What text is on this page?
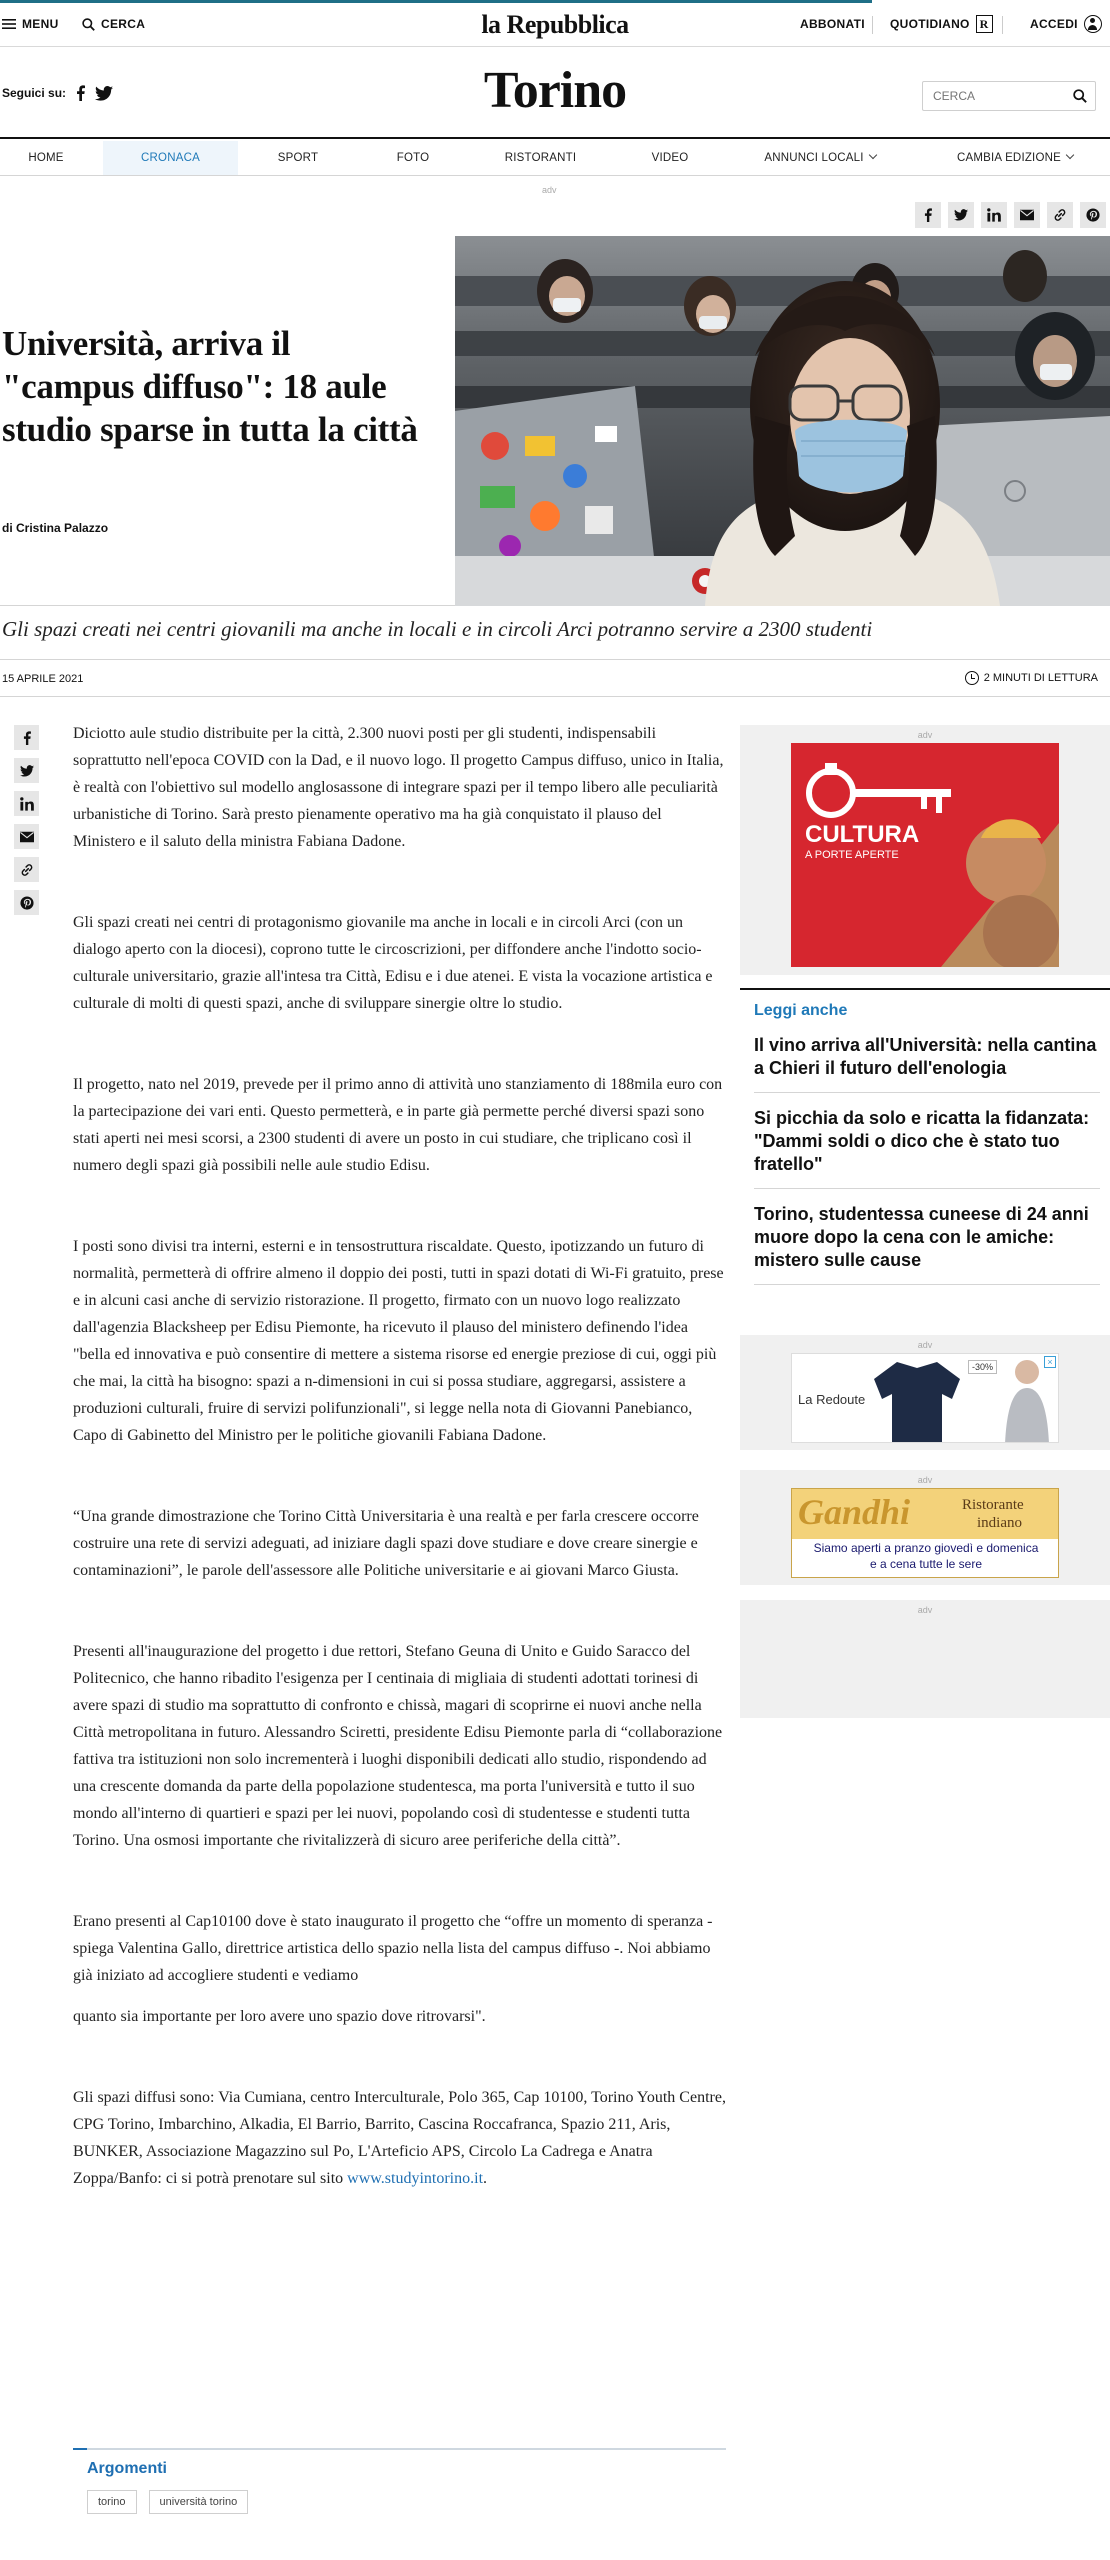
MENU	CERCA	la Repubblica	ABBONATI QUOTIDIANO R	ACCEDI
Seguici su:	Torino
CERCA
HOME	CRONACA	SPORT	FOTO	RISTORANTI	VIDEO	ANNUNCI LOCALI	CAMBIA EDIZIONE
adv
Università, arriva il "campus diffuso": 18 aule studio sparse in tutta la città
di Cristina Palazzo
Gli spazi creati nei centri giovanili ma anche in locali e in circoli Arci potranno servire a 2300 studenti
15 APRILE 2021	2 MINUTI DI LETTURA

Diciotto aule studio distribuite per la città, 2.300 nuovi posti per gli studenti, indispensabili soprattutto nell'epoca COVID con la Dad, e il nuovo logo. Il progetto Campus diffuso, unico in Italia, è realtà con l'obiettivo sul modello anglosassone di integrare spazi per il tempo libero alle peculiarità urbanistiche di Torino. Sarà presto pienamente operativo ma ha già conquistato il plauso del Ministero e il saluto della ministra Fabiana Dadone.

Gli spazi creati nei centri di protagonismo giovanile ma anche in locali e in circoli Arci (con un dialogo aperto con la diocesi), coprono tutte le circoscrizioni, per diffondere anche l'indotto socio-culturale universitario, grazie all'intesa tra Città, Edisu e i due atenei. E vista la vocazione artistica e culturale di molti di questi spazi, anche di sviluppare sinergie oltre lo studio.

Il progetto, nato nel 2019, prevede per il primo anno di attività uno stanziamento di 188mila euro con la partecipazione dei vari enti. Questo permetterà, e in parte già permette perché diversi spazi sono stati aperti nei mesi scorsi, a 2300 studenti di avere un posto in cui studiare, che triplicano così il numero degli spazi già possibili nelle aule studio Edisu.

I posti sono divisi tra interni, esterni e in tensostruttura riscaldate. Questo, ipotizzando un futuro di normalità, permetterà di offrire almeno il doppio dei posti, tutti in spazi dotati di Wi-Fi gratuito, prese e in alcuni casi anche di servizio ristorazione. Il progetto, firmato con un nuovo logo realizzato dall'agenzia Blacksheep per Edisu Piemonte, ha ricevuto il plauso del ministero definendo l'idea "bella ed innovativa e può consentire di mettere a sistema risorse ed energie preziose di cui, oggi più che mai, la città ha bisogno: spazi a n-dimensioni in cui si possa studiare, aggregarsi, assistere a produzioni culturali, fruire di servizi polifunzionali", si legge nella nota di Giovanni Panebianco, Capo di Gabinetto del Ministro per le politiche giovanili Fabiana Dadone.

“Una grande dimostrazione che Torino Città Universitaria è una realtà e per farla crescere occorre costruire una rete di servizi adeguati, ad iniziare dagli spazi dove studiare e dove creare sinergie e contaminazioni”, le parole dell'assessore alle Politiche universitarie e ai giovani Marco Giusta.

Presenti all'inaugurazione del progetto i due rettori, Stefano Geuna di Unito e Guido Saracco del Politecnico, che hanno ribadito l'esigenza per I centinaia di migliaia di studenti adottati torinesi di avere spazi di studio ma soprattutto di confronto e chissà, magari di scoprirne ei nuovi anche nella Città metropolitana in futuro. Alessandro Sciretti, presidente Edisu Piemonte parla di “collaborazione fattiva tra istituzioni non solo incrementerà i luoghi disponibili dedicati allo studio, rispondendo ad una crescente domanda da parte della popolazione studentesca, ma porta l'università e tutto il suo mondo all'interno di quartieri e spazi per lei nuovi, popolando così di studentesse e studenti tutta Torino. Una osmosi importante che rivitalizzerà di sicuro aree periferiche della città”.

Erano presenti al Cap10100 dove è stato inaugurato il progetto che “offre un momento di speranza - spiega Valentina Gallo, direttrice artistica dello spazio nella lista del campus diffuso -. Noi abbiamo già iniziato ad accogliere studenti e vediamo

quanto sia importante per loro avere uno spazio dove ritrovarsi".

Gli spazi diffusi sono: Via Cumiana, centro Interculturale, Polo 365, Cap 10100, Torino Youth Centre, CPG Torino, Imbarchino, Alkadia, El Barrio, Barrito, Cascina Roccafranca, Spazio 211, Aris, BUNKER, Associazione Magazzino sul Po, L'Arteficio APS, Circolo La Cadrega e Anatra Zoppa/Banfo: ci si potrà prenotare sul sito www.studyintorino.it.

Argomenti
torino	università torino
adv
CULTURA
A PORTE APERTE
Leggi anche
Il vino arriva all'Università: nella cantina a Chieri il futuro dell'enologia
Si picchia da solo e ricatta la fidanzata: "Dammi soldi o dico che è stato tuo fratello"
Torino, studentessa cuneese di 24 anni muore dopo la cena con le amiche: mistero sulle cause
adv
La Redoute
-30%	×
adv
Gandhi	Ristorante
indiano
Siamo aperti a pranzo giovedì e domenica
e a cena tutte le sere
adv
